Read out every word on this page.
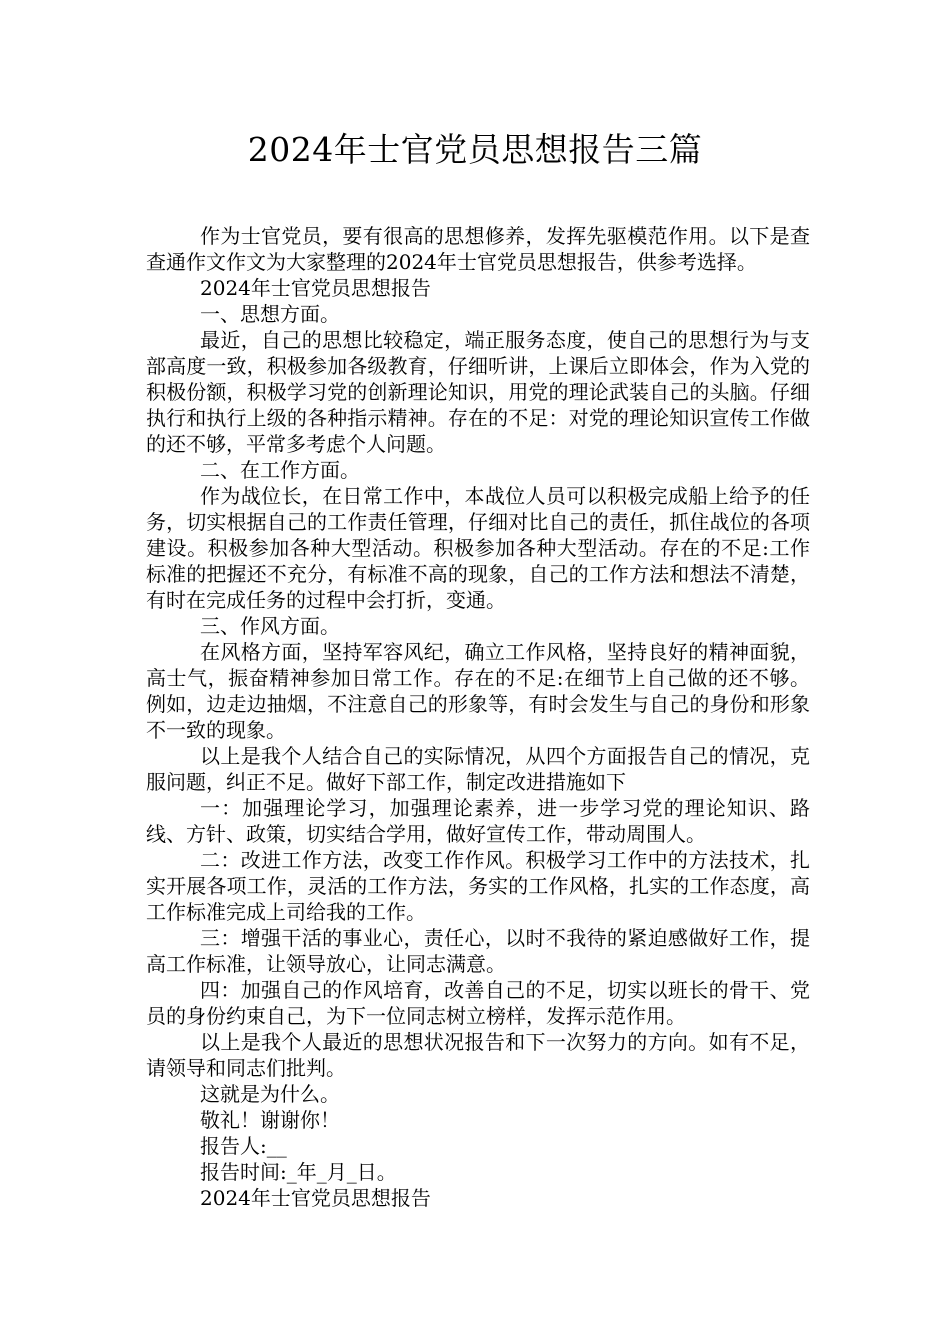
2024年士官党员思想报告三篇

作为士官党员，要有很高的思想修养，发挥先驱模范作用。以下是查查通作文作文为大家整理的2024年士官党员思想报告，供参考选择。

2024年士官党员思想报告

一、思想方面。

最近，自己的思想比较稳定，端正服务态度，使自己的思想行为与支部高度一致，积极参加各级教育，仔细听讲，上课后立即体会，作为入党的积极份额，积极学习党的创新理论知识，用党的理论武装自己的头脑。仔细执行和执行上级的各种指示精神。存在的不足：对党的理论知识宣传工作做的还不够，平常多考虑个人问题。

二、在工作方面。

作为战位长，在日常工作中，本战位人员可以积极完成船上给予的任务，切实根据自己的工作责任管理，仔细对比自己的责任，抓住战位的各项建设。积极参加各种大型活动。积极参加各种大型活动。存在的不足:工作标准的把握还不充分，有标准不高的现象，自己的工作方法和想法不清楚，有时在完成任务的过程中会打折，变通。

三、作风方面。

在风格方面，坚持军容风纪，确立工作风格，坚持良好的精神面貌，高士气，振奋精神参加日常工作。存在的不足:在细节上自己做的还不够。例如，边走边抽烟，不注意自己的形象等，有时会发生与自己的身份和形象不一致的现象。

以上是我个人结合自己的实际情况，从四个方面报告自己的情况，克服问题，纠正不足。做好下部工作，制定改进措施如下

一：加强理论学习，加强理论素养，进一步学习党的理论知识、路线、方针、政策，切实结合学用，做好宣传工作，带动周围人。

二：改进工作方法，改变工作作风。积极学习工作中的方法技术，扎实开展各项工作，灵活的工作方法，务实的工作风格，扎实的工作态度，高工作标准完成上司给我的工作。

三：增强干活的事业心，责任心，以时不我待的紧迫感做好工作，提高工作标准，让领导放心，让同志满意。

四：加强自己的作风培育，改善自己的不足，切实以班长的骨干、党员的身份约束自己，为下一位同志树立榜样，发挥示范作用。

以上是我个人最近的思想状况报告和下一次努力的方向。如有不足，请领导和同志们批判。

这就是为什么。

敬礼！谢谢你！

报告人:__

报告时间:_年_月_日。

2024年士官党员思想报告
